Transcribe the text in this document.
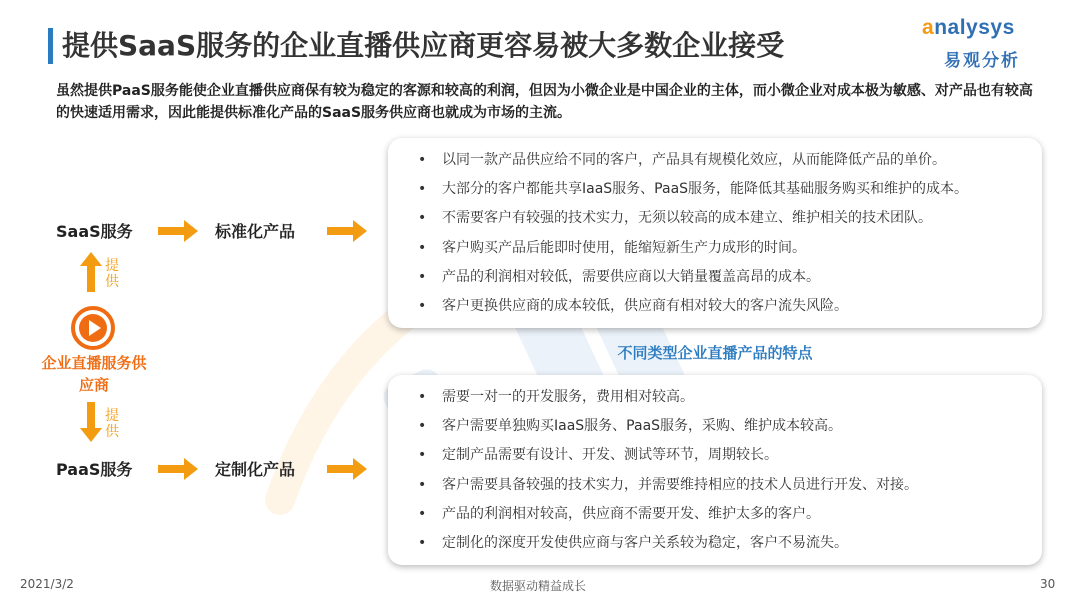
提供SaaS服务的企业直播供应商更容易被大多数企业接受
analysys
易观分析
虽然提供PaaS服务能使企业直播供应商保有较为稳定的客源和较高的利润，但因为小微企业是中国企业的主体，而小微企业对成本极为敏感、对产品也有较高的快速适用需求，因此能提供标准化产品的SaaS服务供应商也就成为市场的主流。
SaaS服务	标准化产品
提供
企业直播服务供应商
提供
PaaS服务	定制化产品
• 以同一款产品供应给不同的客户，产品具有规模化效应，从而能降低产品的单价。
• 大部分的客户都能共享IaaS服务、PaaS服务，能降低其基础服务购买和维护的成本。
• 不需要客户有较强的技术实力，无须以较高的成本建立、维护相关的技术团队。
• 客户购买产品后能即时使用，能缩短新生产力成形的时间。
• 产品的利润相对较低，需要供应商以大销量覆盖高昂的成本。
• 客户更换供应商的成本较低，供应商有相对较大的客户流失风险。
不同类型企业直播产品的特点
• 需要一对一的开发服务，费用相对较高。
• 客户需要单独购买IaaS服务、PaaS服务，采购、维护成本较高。
• 定制产品需要有设计、开发、测试等环节，周期较长。
• 客户需要具备较强的技术实力，并需要维持相应的技术人员进行开发、对接。
• 产品的利润相对较高，供应商不需要开发、维护太多的客户。
• 定制化的深度开发使供应商与客户关系较为稳定，客户不易流失。
2021/3/2	数据驱动精益成长	30
